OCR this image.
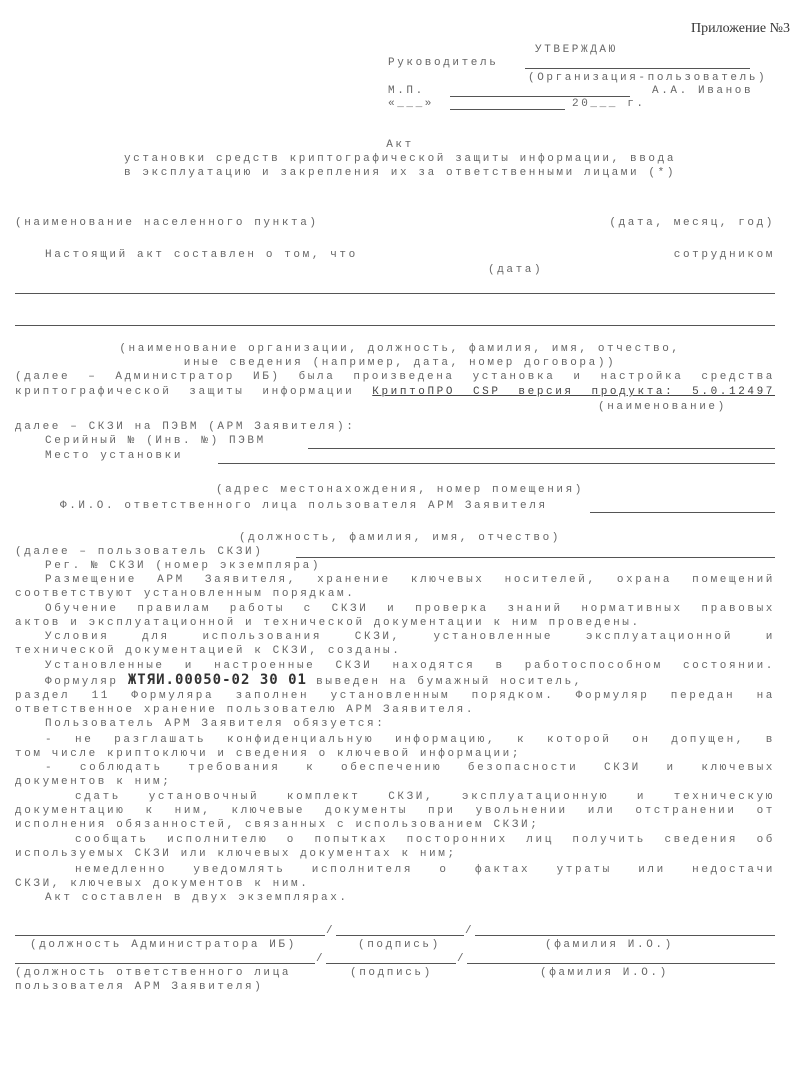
Приложение №3
УТВЕРЖДАЮ
Руководитель
(Организация-пользователь)
М.П.	А.А. Иванов
«___»	20___ г.
Акт
установки средств криптографической защиты информации, ввода
в эксплуатацию и закрепления их за ответственными лицами (*)
(наименование населенного пункта)	(дата, месяц, год)
Настоящий акт составлен о том, что	сотрудником
(дата)
(наименование организации, должность, фамилия, имя, отчество,
иные сведения (например, дата, номер договора))
(далее – Администратор ИБ) была произведена установка и настройка средства
криптографической защиты информации КриптоПРО CSP версия продукта: 5.0.12497
(наименование)
далее – СКЗИ на ПЭВМ (АРМ Заявителя):
Серийный № (Инв. №) ПЭВМ
Место установки
(адрес местонахождения, номер помещения)
Ф.И.О. ответственного лица пользователя АРМ Заявителя
(должность, фамилия, имя, отчество)
(далее – пользователь СКЗИ)
Рег. № СКЗИ (номер экземпляра)
Размещение АРМ Заявителя, хранение ключевых носителей, охрана помещений
соответствуют установленным порядкам.
Обучение правилам работы с СКЗИ и проверка знаний нормативных правовых
актов и эксплуатационной и технической документации к ним проведены.
Условия для использования СКЗИ, установленные эксплуатационной и
технической документацией к СКЗИ, созданы.
Установленные и настроенные СКЗИ находятся в работоспособном состоянии.
Формуляр ЖТЯИ.00050-02 30 01 выведен на бумажный носитель,
раздел 11 Формуляра заполнен установленным порядком. Формуляр передан на
ответственное хранение пользователю АРМ Заявителя.
Пользователь АРМ Заявителя обязуется:
- не разглашать конфиденциальную информацию, к которой он допущен, в
том числе криптоключи и сведения о ключевой информации;
- соблюдать требования к обеспечению безопасности СКЗИ и ключевых
документов к ним;
сдать установочный комплект СКЗИ, эксплуатационную и техническую
документацию к ним, ключевые документы при увольнении или отстранении от
исполнения обязанностей, связанных с использованием СКЗИ;
сообщать исполнителю о попытках посторонних лиц получить сведения об
используемых СКЗИ или ключевых документах к ним;
немедленно уведомлять исполнителя о фактах утраты или недостачи
СКЗИ, ключевых документов к ним.
Акт составлен в двух экземплярах.
/	/
(должность Администратора ИБ)	(подпись)	(фамилия И.О.)
/	/
(должность ответственного лица
пользователя АРМ Заявителя)
(подпись)	(фамилия И.О.)
